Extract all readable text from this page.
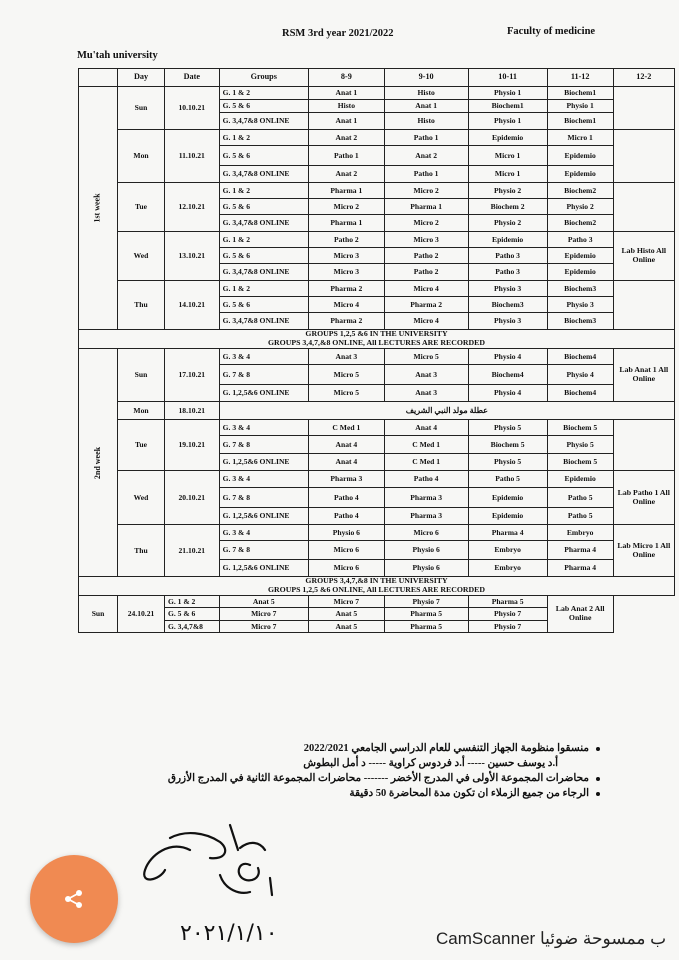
RSM 3rd year 2021/2022	Faculty of medicine
Mu'tah university
	Day	Date	Groups	8-9	9-10	10-11	11-12	12-2
1st week	Sun	10.10.21	G. 1 & 2	Anat 1	Histo	Physio 1	Biochem1	
			G. 5 & 6	Histo	Anat 1	Biochem1	Physio 1	
			G. 3,4,7&8 ONLINE	Anat 1	Histo	Physio 1	Biochem1	
	Mon	11.10.21	G. 1 & 2	Anat 2	Patho 1	Epidemio	Micro 1	
			G. 5 & 6	Patho 1	Anat 2	Micro 1	Epidemio	
			G. 3,4,7&8 ONLINE	Anat 2	Patho 1	Micro 1	Epidemio	
	Tue	12.10.21	G. 1 & 2	Pharma 1	Micro 2	Physio 2	Biochem2	
			G. 5 & 6	Micro 2	Pharma 1	Biochem 2	Physio 2	
			G. 3,4,7&8 ONLINE	Pharma 1	Micro 2	Physio 2	Biochem2	
	Wed	13.10.21	G. 1 & 2	Patho 2	Micro 3	Epidemio	Patho 3	Lab Histo All Online
			G. 5 & 6	Micro 3	Patho 2	Patho 3	Epidemio	
			G. 3,4,7&8 ONLINE	Micro 3	Patho 2	Patho 3	Epidemio	
	Thu	14.10.21	G. 1 & 2	Pharma 2	Micro 4	Physio 3	Biochem3	
			G. 5 & 6	Micro 4	Pharma 2	Biochem3	Physio 3	
			G. 3,4,7&8 ONLINE	Pharma 2	Micro 4	Physio 3	Biochem3	
GROUPS 1,2,5 &6 IN THE UNIVERSITY
GROUPS 3,4,7,&8 ONLINE, All LECTURES ARE RECORDED								
2nd week	Sun	17.10.21	G. 3 & 4	Anat 3	Micro 5	Physio 4	Biochem4	Lab Anat 1 All Online
			G. 7 & 8	Micro 5	Anat 3	Biochem4	Physio 4	
			G. 1,2,5&6 ONLINE	Micro 5	Anat 3	Physio 4	Biochem4	
	Mon	18.10.21	عطلة مولد النبي الشريف					
	Tue	19.10.21	G. 3 & 4	C Med 1	Anat 4	Physio 5	Biochem 5	
			G. 7 & 8	Anat 4	C Med 1	Biochem 5	Physio 5	
			G. 1,2,5&6 ONLINE	Anat 4	C Med 1	Physio 5	Biochem 5	
	Wed	20.10.21	G. 3 & 4	Pharma 3	Patho 4	Patho 5	Epidemio	Lab Patho 1 All Online
			G. 7 & 8	Patho 4	Pharma 3	Epidemio	Patho 5	
			G. 1,2,5&6 ONLINE	Patho 4	Pharma 3	Epidemio	Patho 5	
	Thu	21.10.21	G. 3 & 4	Physio 6	Micro 6	Pharma 4	Embryo	Lab Micro 1 All Online
			G. 7 & 8	Micro 6	Physio 6	Embryo	Pharma 4	
			G. 1,2,5&6 ONLINE	Micro 6	Physio 6	Embryo	Pharma 4	
GROUPS 3,4,7,&8 IN THE UNIVERSITY
GROUPS 1,2,5 &6 ONLINE, All LECTURES ARE RECORDED								
Sun	24.10.21	G. 1 & 2	Anat 5	Micro 7	Physio 7	Pharma 5	Lab Anat 2 All Online	
		G. 5 & 6	Micro 7	Anat 5	Pharma 5	Physio 7		
		G. 3,4,7&8	Micro 7	Anat 5	Pharma 5	Physio 7		
منسقوا منظومة الجهاز التنفسي للعام الدراسي الجامعي 2022/2021
أ.د يوسف حسين ----- أ.د فردوس كراوية ----- د أمل البطوش
محاضرات المجموعة الأولى في المدرج الأخضر ------- محاضرات المجموعة الثانية في المدرج الأزرق
الرجاء من جميع الزملاء ان تكون مدة المحاضرة 50 دقيقة
٢٠٢١/١/١٠	CamScanner ب ممسوحة ضوئيا
